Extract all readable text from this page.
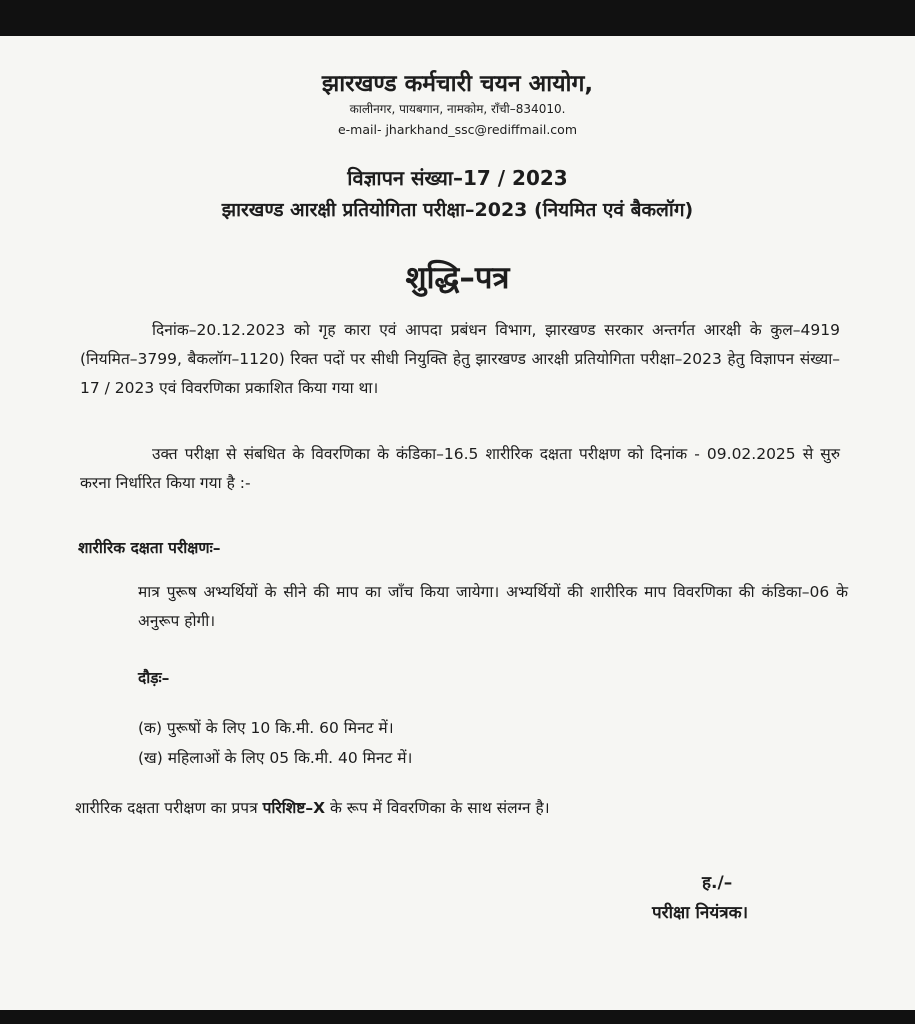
झारखण्ड कर्मचारी चयन आयोग,
कालीनगर, पायबगान, नामकोम, राँची–834010.
e-mail- jharkhand_ssc@rediffmail.com
विज्ञापन संख्या–17 / 2023
झारखण्ड आरक्षी प्रतियोगिता परीक्षा–2023 (नियमित एवं बैकलॉग)
शुद्धि–पत्र
दिनांक–20.12.2023 को गृह कारा एवं आपदा प्रबंधन विभाग, झारखण्ड सरकार अन्तर्गत आरक्षी के कुल–4919 (नियमित–3799, बैकलॉग–1120) रिक्त पदों पर सीधी नियुक्ति हेतु झारखण्ड आरक्षी प्रतियोगिता परीक्षा–2023 हेतु विज्ञापन संख्या–17 / 2023 एवं विवरणिका प्रकाशित किया गया था।
उक्त परीक्षा से संबधित के विवरणिका के कंडिका–16.5 शारीरिक दक्षता परीक्षण को दिनांक - 09.02.2025 से सुरु करना निर्धारित किया गया है :-
शारीरिक दक्षता परीक्षणः–
मात्र पुरूष अभ्यर्थियों के सीने की माप का जाँच किया जायेगा। अभ्यर्थियों की शारीरिक माप विवरणिका की कंडिका–06 के अनुरूप होगी।
दौड़ः–
(क) पुरूषों के लिए 10 कि.मी. 60 मिनट में।
(ख) महिलाओं के लिए 05 कि.मी. 40 मिनट में।
शारीरिक दक्षता परीक्षण का प्रपत्र परिशिष्ट–X के रूप में विवरणिका के साथ संलग्न है।
ह./–
परीक्षा नियंत्रक।
